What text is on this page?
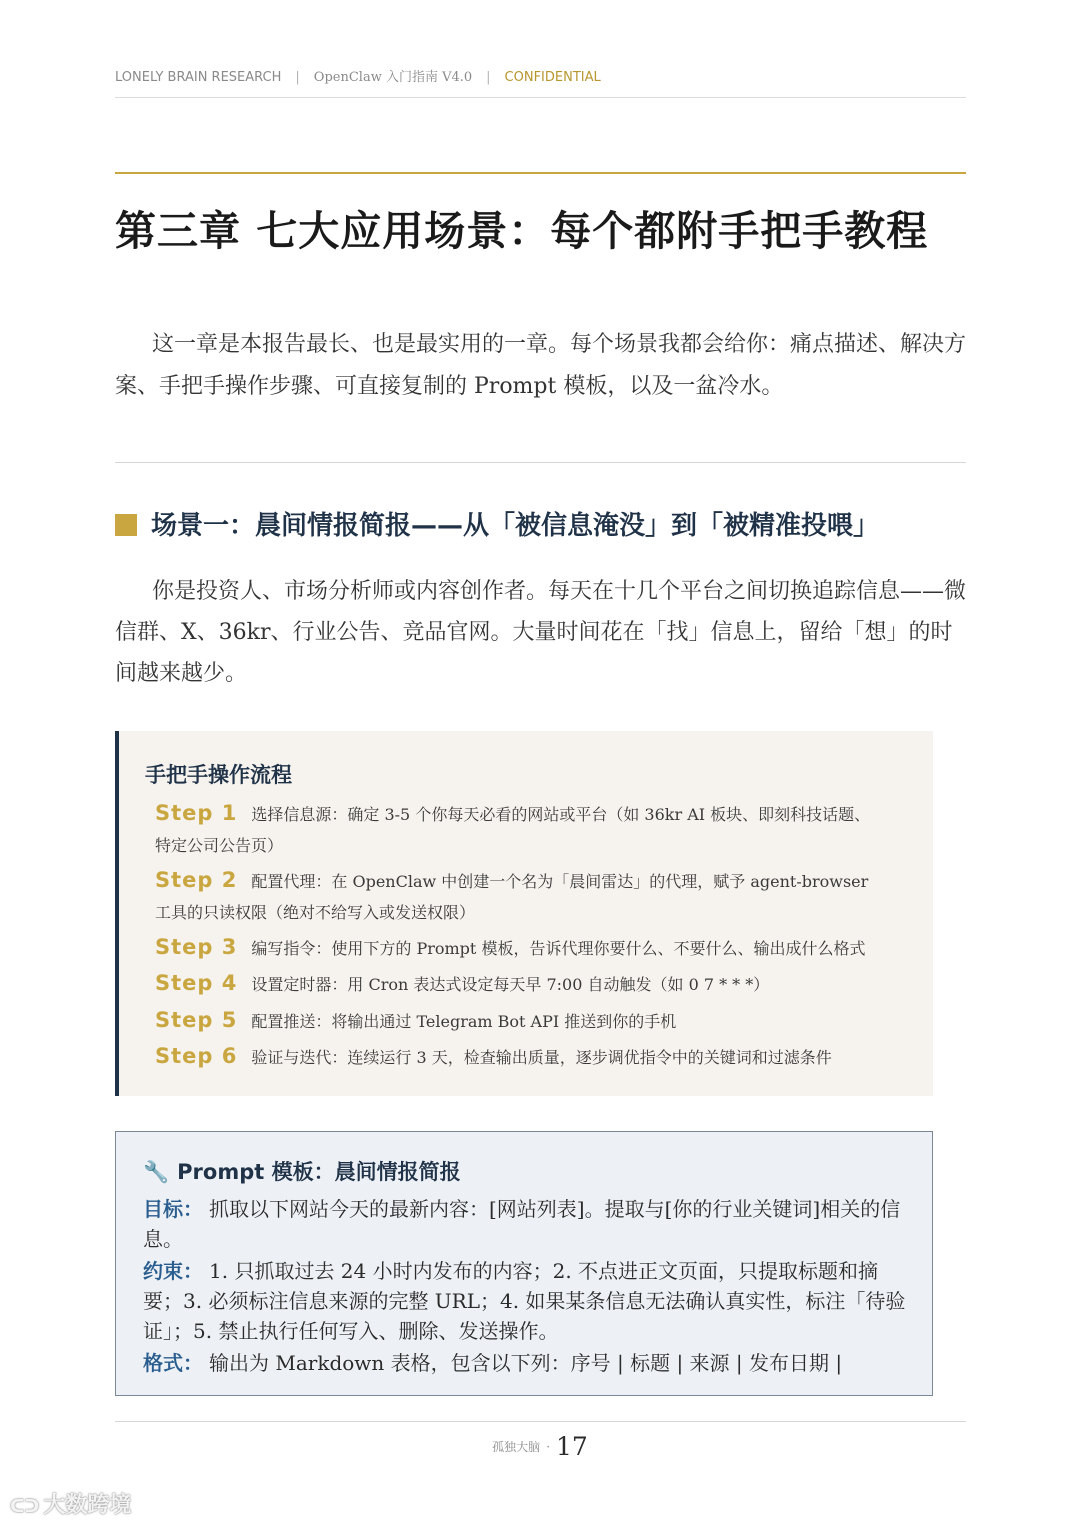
LONELY BRAIN RESEARCH | OpenClaw 入门指南 V4.0 | CONFIDENTIAL
第三章 七大应用场景：每个都附手把手教程

这一章是本报告最长、也是最实用的一章。每个场景我都会给你：痛点描述、解决方案、手把手操作步骤、可直接复制的 Prompt 模板，以及一盆冷水。

场景一：晨间情报简报——从「被信息淹没」到「被精准投喂」

你是投资人、市场分析师或内容创作者。每天在十几个平台之间切换追踪信息——微信群、X、36kr、行业公告、竞品官网。大量时间花在「找」信息上，留给「想」的时间越来越少。

手把手操作流程
Step 1 选择信息源：确定 3-5 个你每天必看的网站或平台（如 36kr AI 板块、即刻科技话题、
特定公司公告页）
Step 2 配置代理：在 OpenClaw 中创建一个名为「晨间雷达」的代理，赋予 agent-browser
工具的只读权限（绝对不给写入或发送权限）
Step 3 编写指令：使用下方的 Prompt 模板，告诉代理你要什么、不要什么、输出成什么格式
Step 4 设置定时器：用 Cron 表达式设定每天早 7:00 自动触发（如 0 7 * * *）
Step 5 配置推送：将输出通过 Telegram Bot API 推送到你的手机
Step 6 验证与迭代：连续运行 3 天，检查输出质量，逐步调优指令中的关键词和过滤条件
🔧 Prompt 模板：晨间情报简报

目标： 抓取以下网站今天的最新内容：[网站列表]。提取与[你的行业关键词]相关的信息。

约束： 1. 只抓取过去 24 小时内发布的内容；2. 不点进正文页面，只提取标题和摘要；3. 必须标注信息来源的完整 URL；4. 如果某条信息无法确认真实性，标注「待验证」；5. 禁止执行任何写入、删除、发送操作。

格式： 输出为 Markdown 表格，包含以下列：序号 | 标题 | 来源 | 发布日期 |

$^{孤独大脑}$ · 17
ᑕᑐ 大数跨境
